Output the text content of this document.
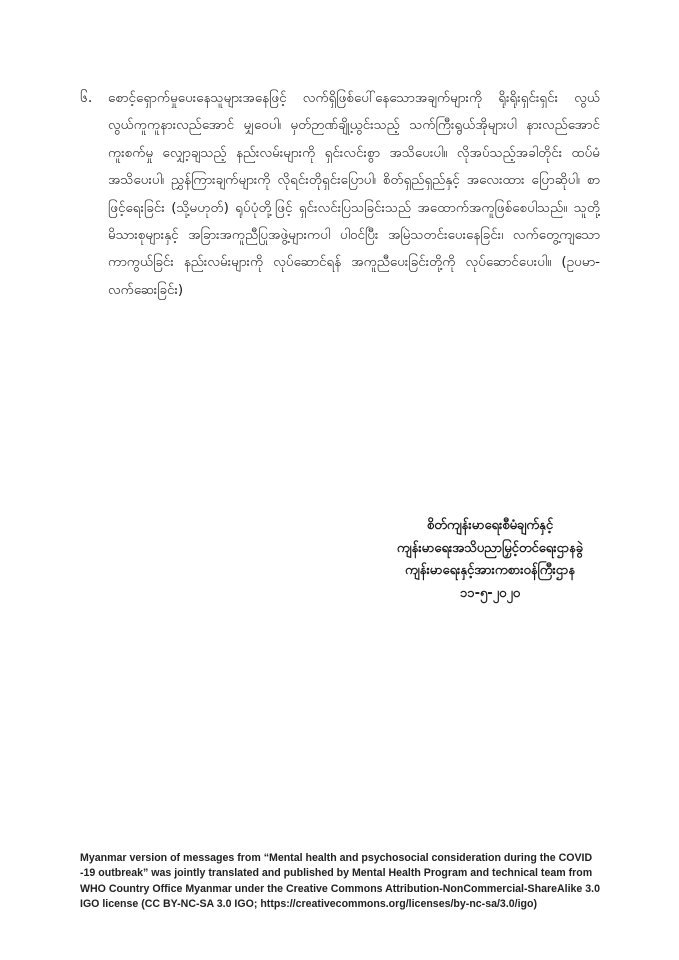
၆. စောင့်ရှောက်မှုပေးနေသူများအနေဖြင့် လက်ရှိဖြစ်ပေါ်နေသောအချက်များကို ရိုးရိုးရှင်းရှင်း လွယ်လွယ်ကူကူနားလည်အောင် မျှဝေပါ၊ မှတ်ဉာဏ်ချို့ယွင်းသည့် သက်ကြီးရွယ်အိုများပါ နားလည်အောင် ကူးစက်မှု လျှော့ချသည့် နည်းလမ်းများကို ရှင်းလင်းစွာ အသိပေးပါ။ လိုအပ်သည့်အခါတိုင်း ထပ်မံအသိပေးပါ၊ ညွှန်ကြားချက်များကို လိုရင်းတိုရှင်းပြောပါ၊ စိတ်ရှည်ရှည်နှင့် အလေးထား ပြောဆိုပါ၊ စာဖြင့်ရေးခြင်း (သို့မဟုတ်) ရုပ်ပုံတို့ဖြင့် ရှင်းလင်းပြသခြင်းသည် အထောက်အကူဖြစ်စေပါသည်။ သူတို့မိသားစုများနှင့် အခြားအကူညီပြုအဖွဲ့များကပါ ပါဝင်ပြီး အမြဲသတင်းပေးနေခြင်း၊ လက်တွေ့ကျသော ကာကွယ်ခြင်း နည်းလမ်းများကို လုပ်ဆောင်ရန် အကူညီပေးခြင်းတို့ကို လုပ်ဆောင်ပေးပါ။ (ဥပမာ- လက်ဆေးခြင်း)
စိတ်ကျန်းမာရေးစီမံချက်နှင့်
ကျန်းမာရေးအသိပညာမြှင့်တင်ရေးဌာနခွဲ
ကျန်းမာရေးနှင့်အားကစားဝန်ကြီးဌာန
၁၁-၅-၂၀၂၀
Myanmar version of messages from “Mental health and psychosocial consideration during the COVID -19 outbreak” was jointly translated and published by Mental Health Program and technical team from WHO Country Office Myanmar under the Creative Commons Attribution-NonCommercial-ShareAlike 3.0 IGO license (CC BY-NC-SA 3.0 IGO; https://creativecommons.org/licenses/by-nc-sa/3.0/igo)
